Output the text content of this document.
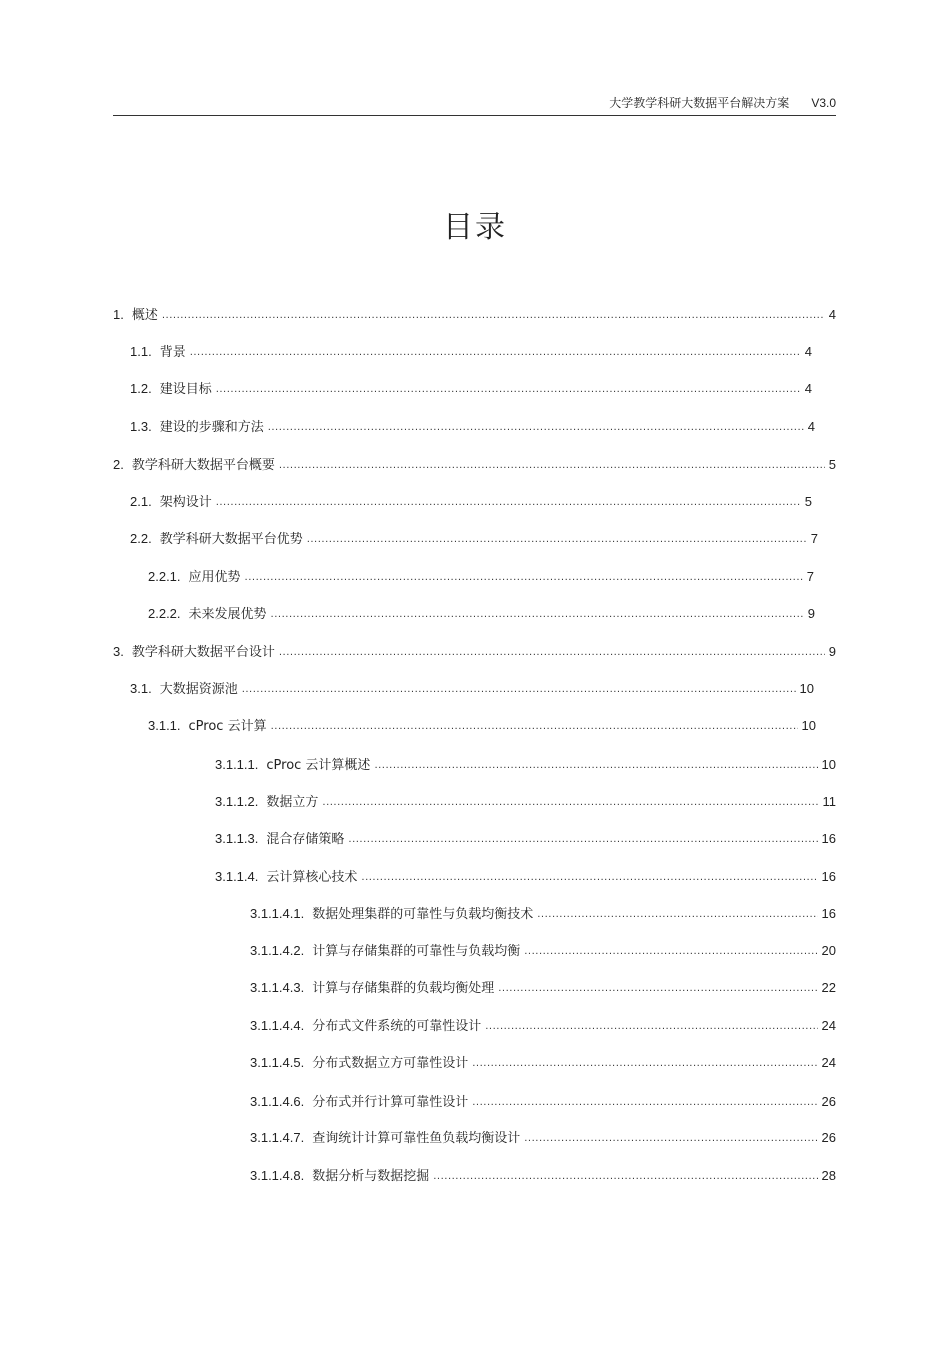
大学教学科研大数据平台解决方案 V3.0
目录
1. 概述 .....	4
1.1. 背景 .....	4
1.2. 建设目标 .....	4
1.3. 建设的步骤和方法 .....	4
2. 教学科研大数据平台概要 .....	5
2.1. 架构设计 .....	5
2.2. 教学科研大数据平台优势 .....	7
2.2.1. 应用优势 .....	7
2.2.2. 未来发展优势 .....	9
3. 教学科研大数据平台设计 .....	9
3.1. 大数据资源池 .....	10
3.1.1. cProc 云计算 .....	10
3.1.1.1. cProc 云计算概述 .....	10
3.1.1.2. 数据立方 .....	11
3.1.1.3. 混合存储策略 .....	16
3.1.1.4. 云计算核心技术 .....	16
3.1.1.4.1. 数据处理集群的可靠性与负载均衡技术 .....	16
3.1.1.4.2. 计算与存储集群的可靠性与负载均衡 .....	20
3.1.1.4.3. 计算与存储集群的负载均衡处理 .....	22
3.1.1.4.4. 分布式文件系统的可靠性设计 .....	24
3.1.1.4.5. 分布式数据立方可靠性设计 .....	24
3.1.1.4.6. 分布式并行计算可靠性设计 .....	26
3.1.1.4.7. 查询统计计算可靠性鱼负载均衡设计 .....	26
3.1.1.4.8. 数据分析与数据挖掘 .....	28
